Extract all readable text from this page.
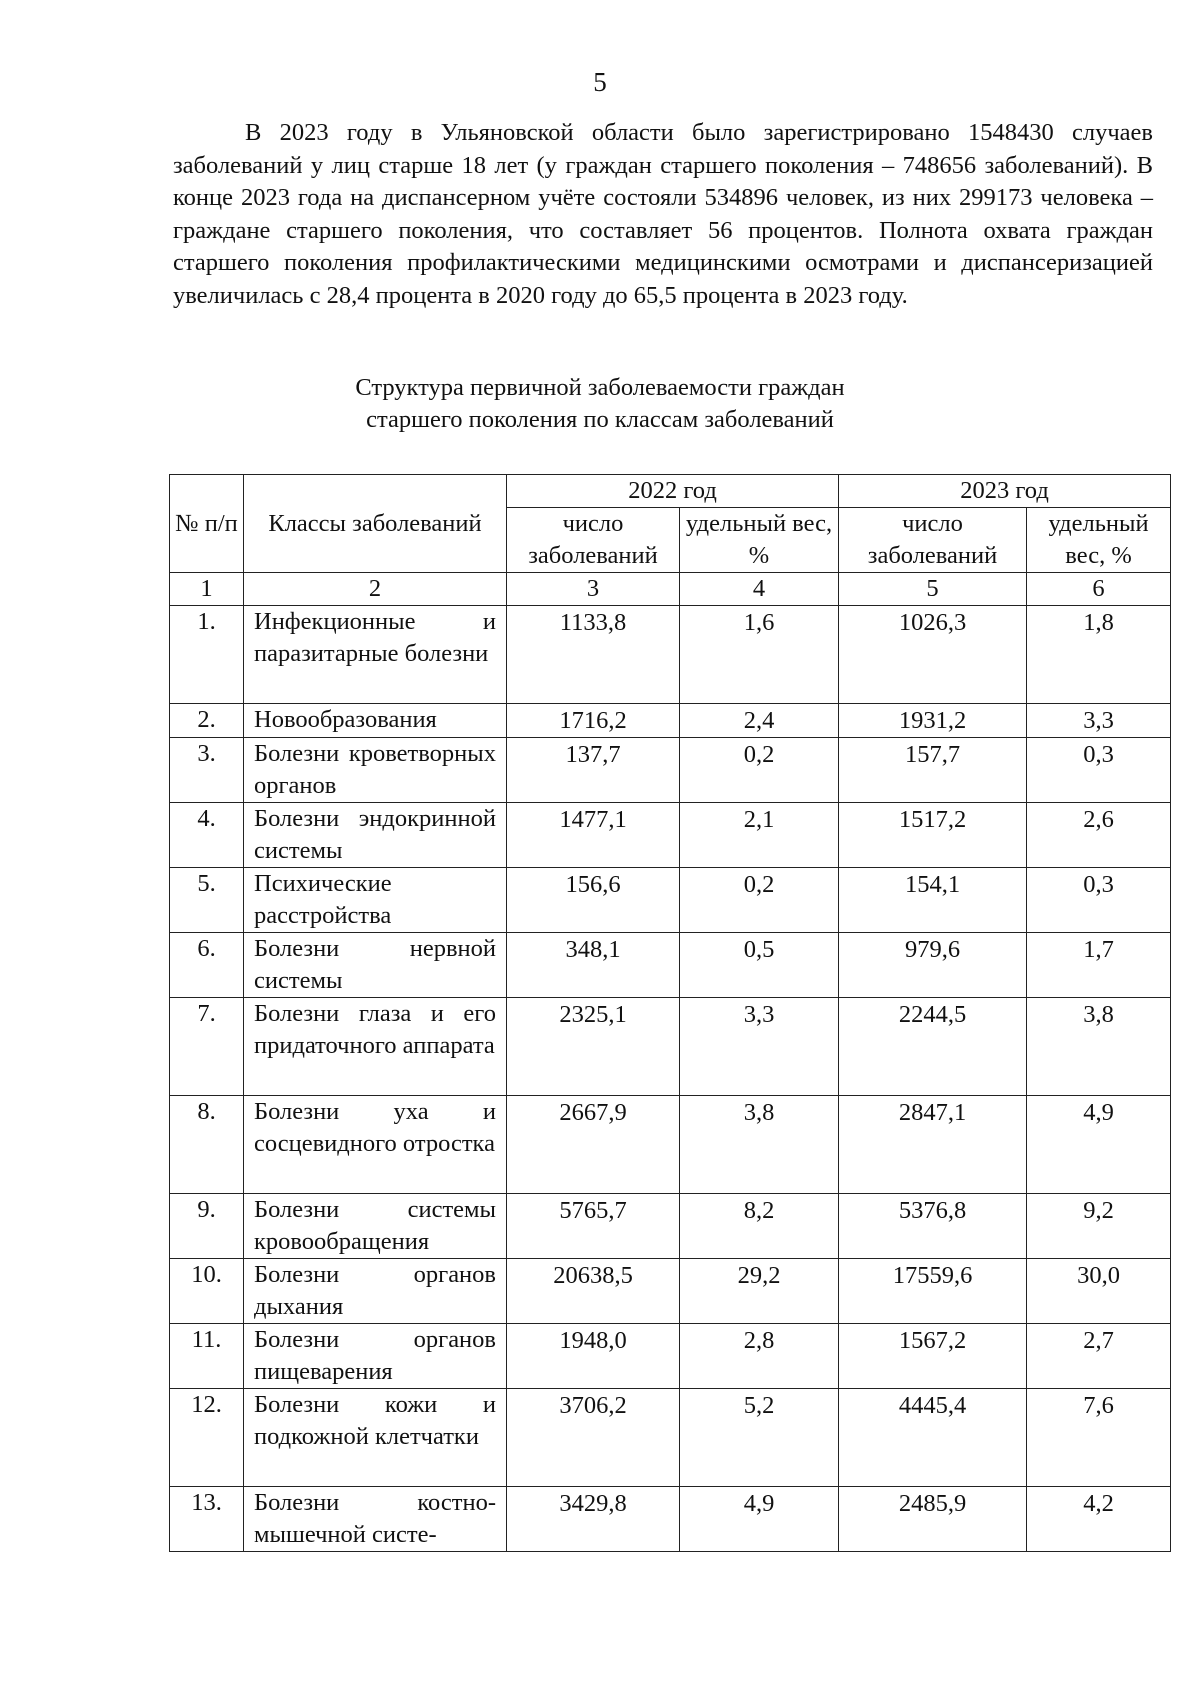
5

В 2023 году в Ульяновской области было зарегистрировано 1548430 случаев заболеваний у лиц старше 18 лет (у граждан старшего поколения – 748656 заболеваний). В конце 2023 года на диспансерном учёте состояли 534896 человек, из них 299173 человека – граждане старшего поколения, что составляет 56 процентов. Полнота охвата граждан старшего поколения профилактическими медицинскими осмотрами и диспансеризацией увеличилась с 28,4 процента в 2020 году до 65,5 процента в 2023 году.

Структура первичной заболеваемости граждан
старшего поколения по классам заболеваний
№ п/п	Классы заболеваний	2022 год		2023 год	
		число заболеваний	удельный вес, %	число заболеваний	удельный вес, %
1	2	3	4	5	6
1.	Инфекционные и паразитарные болезни	1133,8	1,6	1026,3	1,8
2.	Новообразования	1716,2	2,4	1931,2	3,3
3.	Болезни кроветворных органов	137,7	0,2	157,7	0,3
4.	Болезни эндокринной системы	1477,1	2,1	1517,2	2,6
5.	Психические расстройства	156,6	0,2	154,1	0,3
6.	Болезни нервной системы	348,1	0,5	979,6	1,7
7.	Болезни глаза и его придаточного аппарата	2325,1	3,3	2244,5	3,8
8.	Болезни уха и сосцевидного отростка	2667,9	3,8	2847,1	4,9
9.	Болезни системы кровообращения	5765,7	8,2	5376,8	9,2
10.	Болезни органов дыхания	20638,5	29,2	17559,6	30,0
11.	Болезни органов пищеварения	1948,0	2,8	1567,2	2,7
12.	Болезни кожи и подкожной клетчатки	3706,2	5,2	4445,4	7,6
13.	Болезни костно-мышечной систе-	3429,8	4,9	2485,9	4,2
